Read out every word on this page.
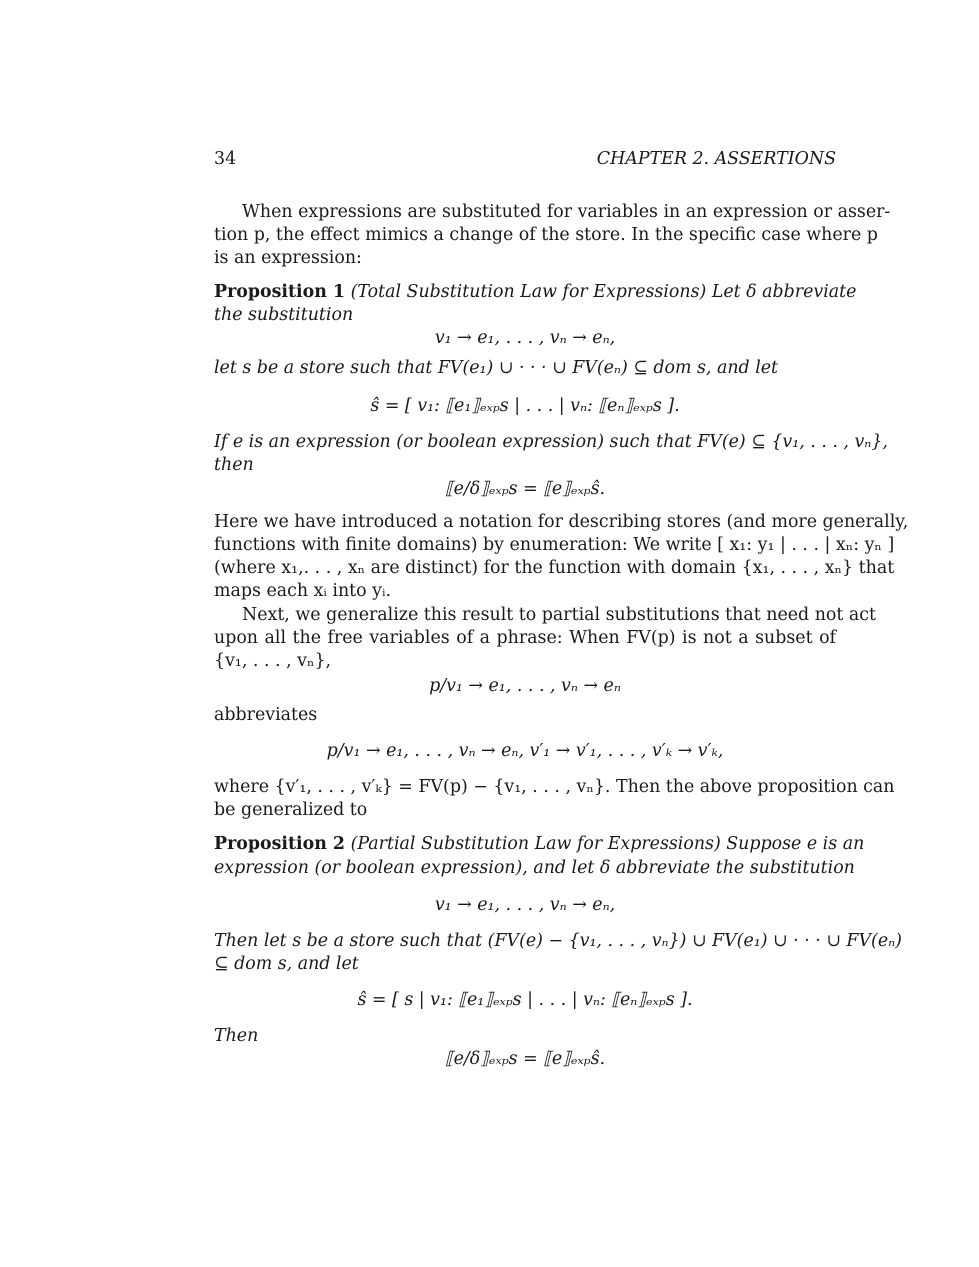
34	CHAPTER 2. ASSERTIONS
When expressions are substituted for variables in an expression or asser-
tion p, the effect mimics a change of the store. In the specific case where p
is an expression:
Proposition 1 (Total Substitution Law for Expressions) Let δ abbreviate
the substitution
v₁ → e₁, . . . , vₙ → eₙ,
let s be a store such that FV(e₁) ∪ · · · ∪ FV(eₙ) ⊆ dom s, and let
ŝ = [ v₁: ⟦e₁⟧ₑₓₚs | . . . | vₙ: ⟦eₙ⟧ₑₓₚs ].
If e is an expression (or boolean expression) such that FV(e) ⊆ {v₁, . . . , vₙ},
then
⟦e/δ⟧ₑₓₚs = ⟦e⟧ₑₓₚŝ.
Here we have introduced a notation for describing stores (and more generally,
functions with finite domains) by enumeration: We write [ x₁: y₁ | . . . | xₙ: yₙ ]
(where x₁,. . . , xₙ are distinct) for the function with domain {x₁, . . . , xₙ} that
maps each xᵢ into yᵢ.
Next, we generalize this result to partial substitutions that need not act
upon all the free variables of a phrase: When FV(p) is not a subset of
{v₁, . . . , vₙ},
p/v₁ → e₁, . . . , vₙ → eₙ
abbreviates
p/v₁ → e₁, . . . , vₙ → eₙ, v′₁ → v′₁, . . . , v′ₖ → v′ₖ,
where {v′₁, . . . , v′ₖ} = FV(p) − {v₁, . . . , vₙ}. Then the above proposition can
be generalized to
Proposition 2 (Partial Substitution Law for Expressions) Suppose e is an
expression (or boolean expression), and let δ abbreviate the substitution
v₁ → e₁, . . . , vₙ → eₙ,
Then let s be a store such that (FV(e) − {v₁, . . . , vₙ}) ∪ FV(e₁) ∪ · · · ∪ FV(eₙ)
⊆ dom s, and let
ŝ = [ s | v₁: ⟦e₁⟧ₑₓₚs | . . . | vₙ: ⟦eₙ⟧ₑₓₚs ].
Then
⟦e/δ⟧ₑₓₚs = ⟦e⟧ₑₓₚŝ.
